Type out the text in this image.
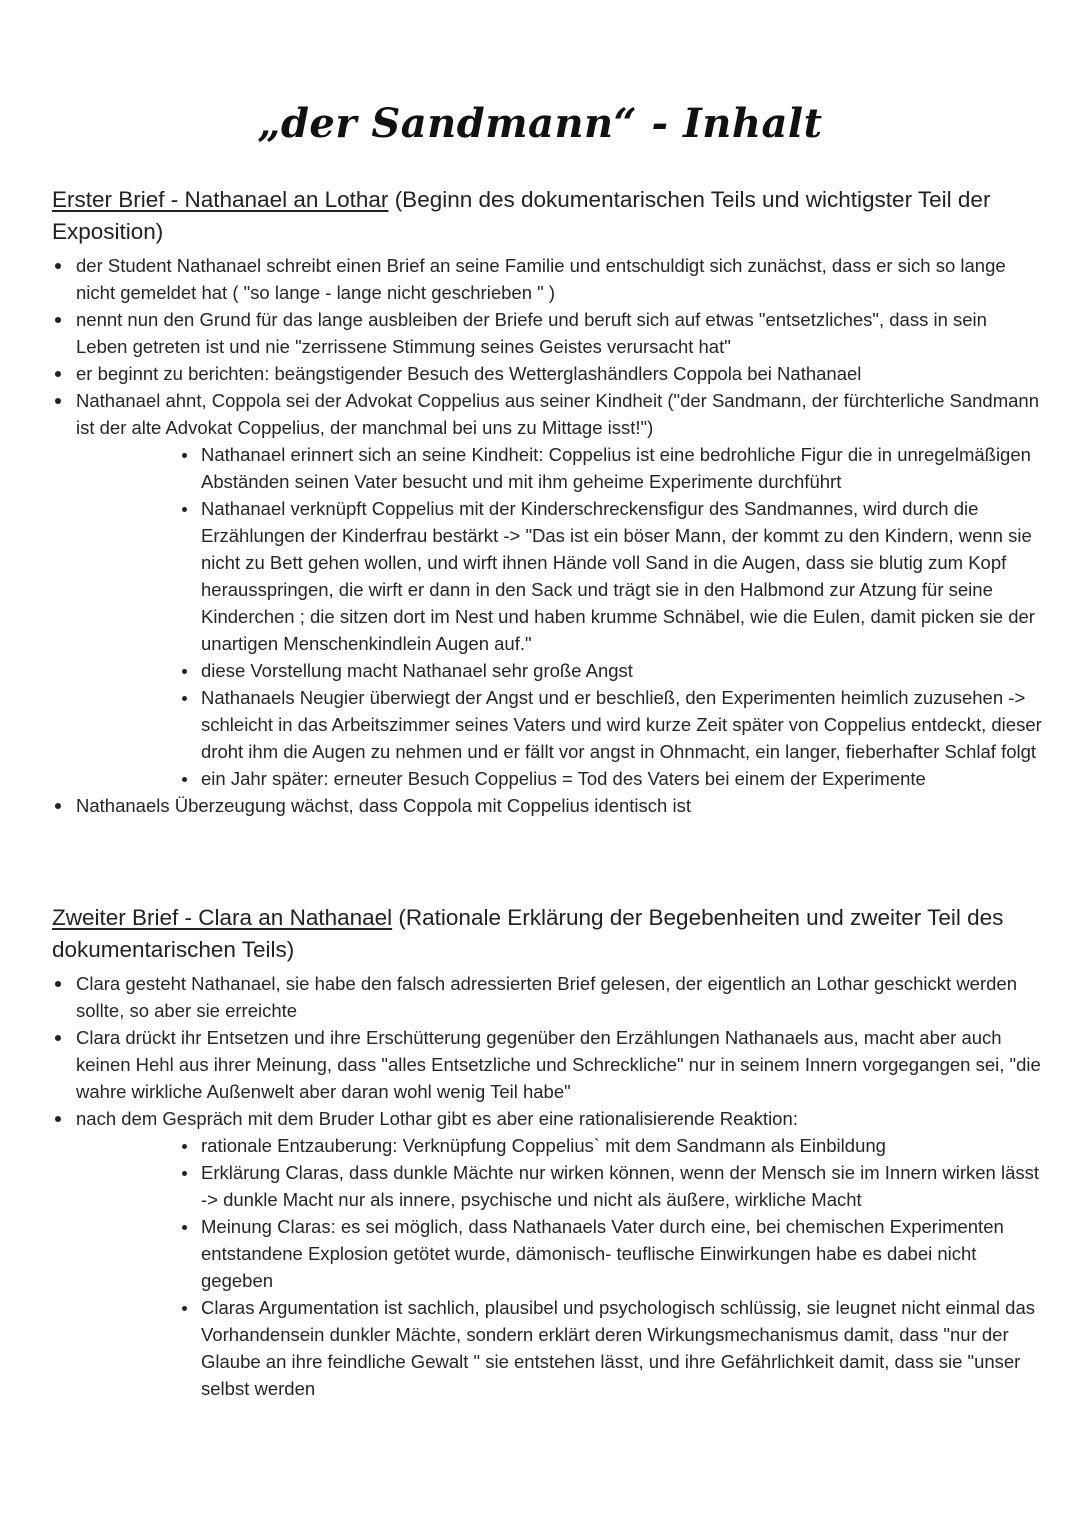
„der Sandmann“ - Inhalt
Erster Brief - Nathanael an Lothar (Beginn des dokumentarischen Teils und wichtigster Teil der Exposition)
der Student Nathanael schreibt einen Brief an seine Familie und entschuldigt sich zunächst, dass er sich so lange nicht gemeldet hat ( "so lange - lange nicht geschrieben " )
nennt nun den Grund für das lange ausbleiben der Briefe und beruft sich auf etwas "entsetzliches", dass in sein Leben getreten ist und nie "zerrissene Stimmung seines Geistes verursacht hat"
er beginnt zu berichten: beängstigender Besuch des Wetterglashändlers Coppola bei Nathanael
Nathanael ahnt, Coppola sei der Advokat Coppelius aus seiner Kindheit ("der Sandmann, der fürchterliche Sandmann ist der alte Advokat Coppelius, der manchmal bei uns zu Mittage isst!")
Nathanael erinnert sich an seine Kindheit: Coppelius ist eine bedrohliche Figur die in unregelmäßigen Abständen seinen Vater besucht und mit ihm geheime Experimente durchführt
Nathanael verknüpft Coppelius mit der Kinderschreckensfigur des Sandmannes, wird durch die Erzählungen der Kinderfrau bestärkt -> "Das ist ein böser Mann, der kommt zu den Kindern, wenn sie nicht zu Bett gehen wollen, und wirft ihnen Hände voll Sand in die Augen, dass sie blutig zum Kopf herausspringen, die wirft er dann in den Sack und trägt sie in den Halbmond zur Atzung für seine Kinderchen ; die sitzen dort im Nest und haben krumme Schnäbel, wie die Eulen, damit picken sie der unartigen Menschenkindlein Augen auf."
diese Vorstellung macht Nathanael sehr große Angst
Nathanaels Neugier überwiegt der Angst und er beschließ, den Experimenten heimlich zuzusehen -> schleicht in das Arbeitszimmer seines Vaters und wird kurze Zeit später von Coppelius entdeckt, dieser droht ihm die Augen zu nehmen und er fällt vor angst in Ohnmacht, ein langer, fieberhafter Schlaf folgt
ein Jahr später: erneuter Besuch Coppelius = Tod des Vaters bei einem der Experimente
Nathanaels Überzeugung wächst, dass Coppola mit Coppelius identisch ist
Zweiter Brief - Clara an Nathanael (Rationale Erklärung der Begebenheiten und zweiter Teil des dokumentarischen Teils)
Clara gesteht Nathanael, sie habe den falsch adressierten Brief gelesen, der eigentlich an Lothar geschickt werden sollte, so aber sie erreichte
Clara drückt ihr Entsetzen und ihre Erschütterung gegenüber den Erzählungen Nathanaels aus, macht aber auch keinen Hehl aus ihrer Meinung, dass "alles Entsetzliche und Schreckliche" nur in seinem Innern vorgegangen sei, "die wahre wirkliche Außenwelt aber daran wohl wenig Teil habe"
nach dem Gespräch mit dem Bruder Lothar gibt es aber eine rationalisierende Reaktion:
rationale Entzauberung: Verknüpfung Coppelius` mit dem Sandmann als Einbildung
Erklärung Claras, dass dunkle Mächte nur wirken können, wenn der Mensch sie im Innern wirken lässt -> dunkle Macht nur als innere, psychische und nicht als äußere, wirkliche Macht
Meinung Claras: es sei möglich, dass Nathanaels Vater durch eine, bei chemischen Experimenten entstandene Explosion getötet wurde, dämonisch- teuflische Einwirkungen habe es dabei nicht gegeben
Claras Argumentation ist sachlich, plausibel und psychologisch schlüssig, sie leugnet nicht einmal das Vorhandensein dunkler Mächte, sondern erklärt deren Wirkungsmechanismus damit, dass "nur der Glaube an ihre feindliche Gewalt " sie entstehen lässt, und ihre Gefährlichkeit damit, dass sie "unser selbst werden
